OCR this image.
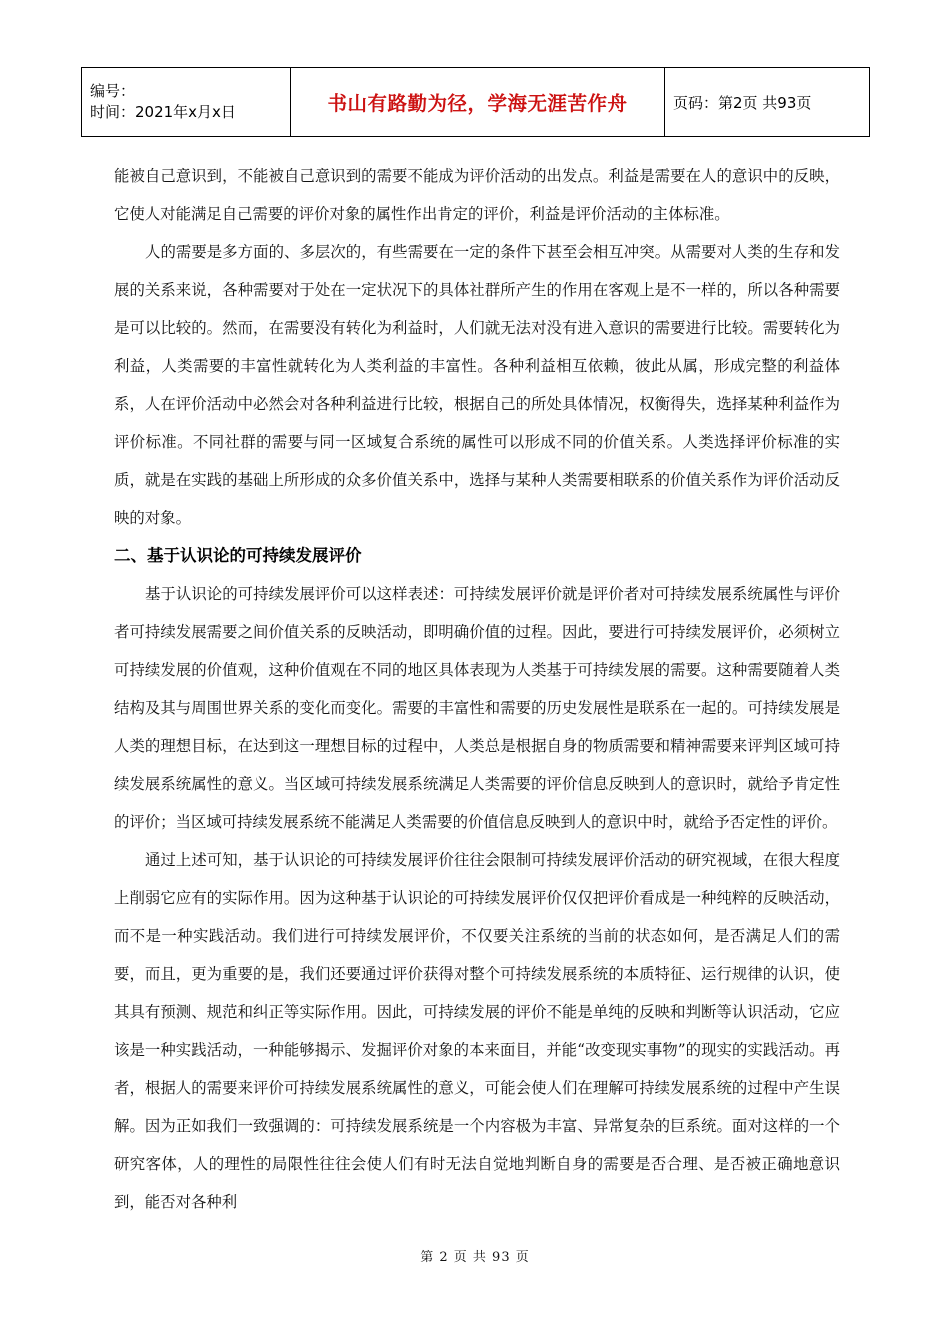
编号：
时间：2021年x月x日	书山有路勤为径，学海无涯苦作舟	页码：第2页 共93页

能被自己意识到，不能被自己意识到的需要不能成为评价活动的出发点。利益是需要在人的意识中的反映，它使人对能满足自己需要的评价对象的属性作出肯定的评价，利益是评价活动的主体标准。

人的需要是多方面的、多层次的，有些需要在一定的条件下甚至会相互冲突。从需要对人类的生存和发展的关系来说，各种需要对于处在一定状况下的具体社群所产生的作用在客观上是不一样的，所以各种需要是可以比较的。然而，在需要没有转化为利益时，人们就无法对没有进入意识的需要进行比较。需要转化为利益，人类需要的丰富性就转化为人类利益的丰富性。各种利益相互依赖，彼此从属，形成完整的利益体系，人在评价活动中必然会对各种利益进行比较，根据自己的所处具体情况，权衡得失，选择某种利益作为评价标准。不同社群的需要与同一区域复合系统的属性可以形成不同的价值关系。人类选择评价标准的实质，就是在实践的基础上所形成的众多价值关系中，选择与某种人类需要相联系的价值关系作为评价活动反映的对象。

二、基于认识论的可持续发展评价

基于认识论的可持续发展评价可以这样表述：可持续发展评价就是评价者对可持续发展系统属性与评价者可持续发展需要之间价值关系的反映活动，即明确价值的过程。因此，要进行可持续发展评价，必须树立可持续发展的价值观，这种价值观在不同的地区具体表现为人类基于可持续发展的需要。这种需要随着人类结构及其与周围世界关系的变化而变化。需要的丰富性和需要的历史发展性是联系在一起的。可持续发展是人类的理想目标，在达到这一理想目标的过程中，人类总是根据自身的物质需要和精神需要来评判区域可持续发展系统属性的意义。当区域可持续发展系统满足人类需要的评价信息反映到人的意识时，就给予肯定性的评价；当区域可持续发展系统不能满足人类需要的价值信息反映到人的意识中时，就给予否定性的评价。

通过上述可知，基于认识论的可持续发展评价往往会限制可持续发展评价活动的研究视域，在很大程度上削弱它应有的实际作用。因为这种基于认识论的可持续发展评价仅仅把评价看成是一种纯粹的反映活动，而不是一种实践活动。我们进行可持续发展评价，不仅要关注系统的当前的状态如何，是否满足人们的需要，而且，更为重要的是，我们还要通过评价获得对整个可持续发展系统的本质特征、运行规律的认识，使其具有预测、规范和纠正等实际作用。因此，可持续发展的评价不能是单纯的反映和判断等认识活动，它应该是一种实践活动，一种能够揭示、发掘评价对象的本来面目，并能“改变现实事物”的现实的实践活动。再者，根据人的需要来评价可持续发展系统属性的意义，可能会使人们在理解可持续发展系统的过程中产生误解。因为正如我们一致强调的：可持续发展系统是一个内容极为丰富、异常复杂的巨系统。面对这样的一个研究客体，人的理性的局限性往往会使人们有时无法自觉地判断自身的需要是否合理、是否被正确地意识到，能否对各种利

第 2 页 共 93 页
